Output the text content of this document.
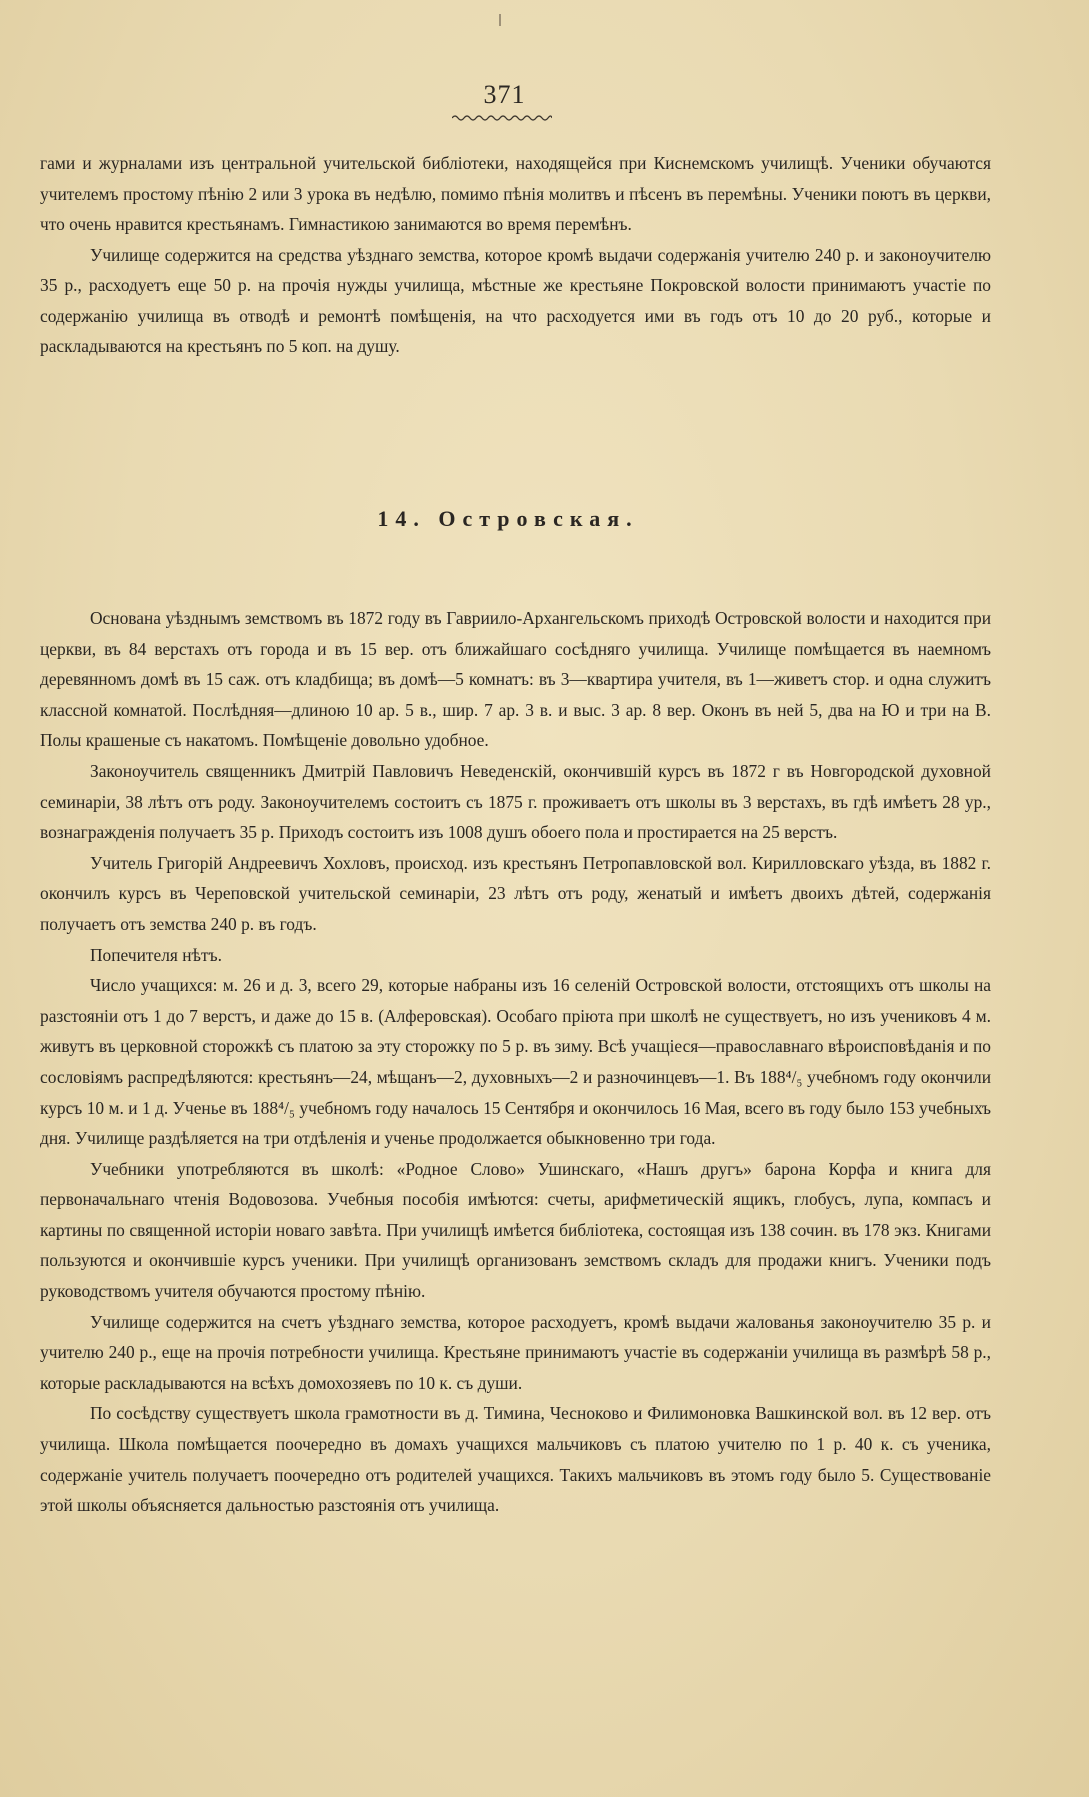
371

гами и журналами изъ центральной учительской библіотеки, находящейся при Киснемскомъ училищѣ. Ученики обучаются учителемъ простому пѣнію 2 или 3 урока въ недѣлю, помимо пѣнія молитвъ и пѣсенъ въ перемѣны. Ученики поютъ въ церкви, что очень нравится крестьянамъ. Гимнастикою занимаются во время перемѣнъ.

Училище содержится на средства уѣзднаго земства, которое кромѣ выдачи содержанія учителю 240 р. и законоучителю 35 р., расходуетъ еще 50 р. на прочія нужды училища, мѣстные же крестьяне Покровской волости принимаютъ участіе по содержанію училища въ отводѣ и ремонтѣ помѣщенія, на что расходуется ими въ годъ отъ 10 до 20 руб., которые и раскладываются на крестьянъ по 5 коп. на душу.

14. Островская.

Основана уѣзднымъ земствомъ въ 1872 году въ Гавриило-Архангельскомъ приходѣ Островской волости и находится при церкви, въ 84 верстахъ отъ города и въ 15 вер. отъ ближайшаго сосѣдняго училища. Училище помѣщается въ наемномъ деревянномъ домѣ въ 15 саж. отъ кладбища; въ домѣ—5 комнатъ: въ 3—квартира учителя, въ 1—живетъ стор. и одна служитъ классной комнатой. Послѣдняя—длиною 10 ар. 5 в., шир. 7 ар. 3 в. и выс. 3 ар. 8 вер. Оконъ въ ней 5, два на Ю и три на В. Полы крашеные съ накатомъ. Помѣщеніе довольно удобное.

Законоучитель священникъ Дмитрій Павловичъ Неведенскій, окончившій курсъ въ 1872 г въ Новгородской духовной семинаріи, 38 лѣтъ отъ роду. Законоучителемъ состоитъ съ 1875 г. проживаетъ отъ школы въ 3 верстахъ, въ гдѣ имѣетъ 28 ур., вознагражденія получаетъ 35 р. Приходъ состоитъ изъ 1008 душъ обоего пола и простирается на 25 верстъ.

Учитель Григорій Андреевичъ Хохловъ, происход. изъ крестьянъ Петропавловской вол. Кирилловскаго уѣзда, въ 1882 г. окончилъ курсъ въ Череповской учительской семинаріи, 23 лѣтъ отъ роду, женатый и имѣетъ двоихъ дѣтей, содержанія получаетъ отъ земства 240 р. въ годъ.

Попечителя нѣтъ.

Число учащихся: м. 26 и д. 3, всего 29, которые набраны изъ 16 селеній Островской волости, отстоящихъ отъ школы на разстояніи отъ 1 до 7 верстъ, и даже до 15 в. (Алферовская). Особаго пріюта при школѣ не существуетъ, но изъ учениковъ 4 м. живутъ въ церковной сторожкѣ съ платою за эту сторожку по 5 р. въ зиму. Всѣ учащіеся—православнаго вѣроисповѣданія и по сословіямъ распредѣляются: крестьянъ—24, мѣщанъ—2, духовныхъ—2 и разночинцевъ—1. Въ 188⁴/₅ учебномъ году окончили курсъ 10 м. и 1 д. Ученье въ 188⁴/₅ учебномъ году началось 15 Сентября и окончилось 16 Мая, всего въ году было 153 учебныхъ дня. Училище раздѣляется на три отдѣленія и ученье продолжается обыкновенно три года.

Учебники употребляются въ школѣ: «Родное Слово» Ушинскаго, «Нашъ другъ» барона Корфа и книга для первоначальнаго чтенія Водовозова. Учебныя пособія имѣются: счеты, арифметическій ящикъ, глобусъ, лупа, компасъ и картины по священной исторіи новаго завѣта. При училищѣ имѣется библіотека, состоящая изъ 138 сочин. въ 178 экз. Книгами пользуются и окончившіе курсъ ученики. При училищѣ организованъ земствомъ складъ для продажи книгъ. Ученики подъ руководствомъ учителя обучаются простому пѣнію.

Училище содержится на счетъ уѣзднаго земства, которое расходуетъ, кромѣ выдачи жалованья законоучителю 35 р. и учителю 240 р., еще на прочія потребности училища. Крестьяне принимаютъ участіе въ содержаніи училища въ размѣрѣ 58 р., которые раскладываются на всѣхъ домохозяевъ по 10 к. съ души.

По сосѣдству существуетъ школа грамотности въ д. Тимина, Чесноково и Филимоновка Вашкинской вол. въ 12 вер. отъ училища. Школа помѣщается поочередно въ домахъ учащихся мальчиковъ съ платою учителю по 1 р. 40 к. съ ученика, содержаніе учитель получаетъ поочередно отъ родителей учащихся. Такихъ мальчиковъ въ этомъ году было 5. Существованіе этой школы объясняется дальностью разстоянія отъ училища.
